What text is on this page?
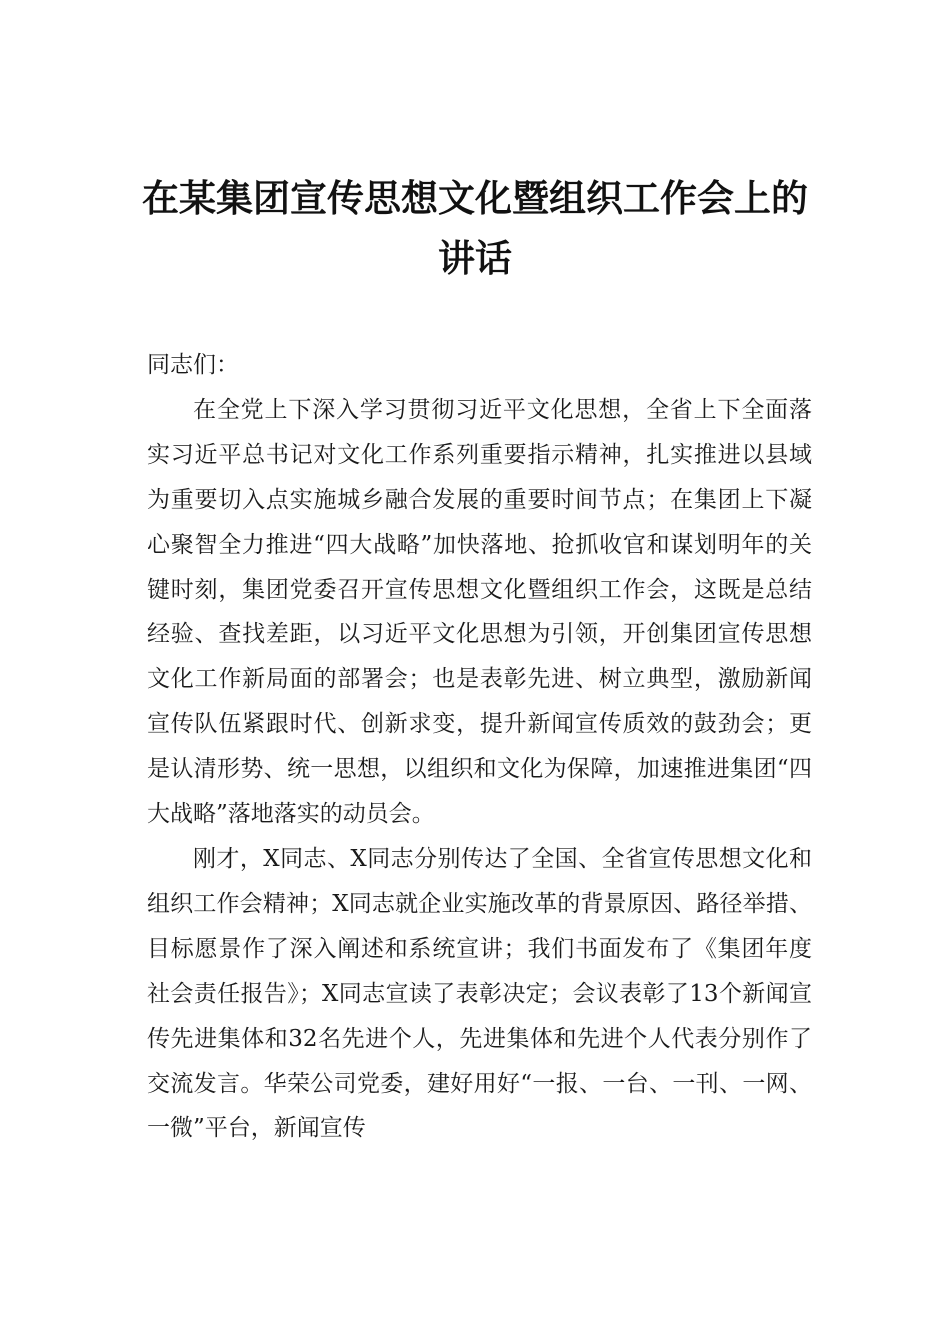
在某集团宣传思想文化暨组织工作会上的
讲话

同志们：

在全党上下深入学习贯彻习近平文化思想，全省上下全面落实习近平总书记对文化工作系列重要指示精神，扎实推进以县域为重要切入点实施城乡融合发展的重要时间节点；在集团上下凝心聚智全力推进“四大战略”加快落地、抢抓收官和谋划明年的关键时刻，集团党委召开宣传思想文化暨组织工作会，这既是总结经验、查找差距，以习近平文化思想为引领，开创集团宣传思想文化工作新局面的部署会；也是表彰先进、树立典型，激励新闻宣传队伍紧跟时代、创新求变，提升新闻宣传质效的鼓劲会；更是认清形势、统一思想，以组织和文化为保障，加速推进集团“四大战略”落地落实的动员会。

刚才，X同志、X同志分别传达了全国、全省宣传思想文化和组织工作会精神；X同志就企业实施改革的背景原因、路径举措、目标愿景作了深入阐述和系统宣讲；我们书面发布了《集团年度社会责任报告》；X同志宣读了表彰决定；会议表彰了13个新闻宣传先进集体和32名先进个人，先进集体和先进个人代表分别作了交流发言。华荣公司党委，建好用好“一报、一台、一刊、一网、一微”平台，新闻宣传
